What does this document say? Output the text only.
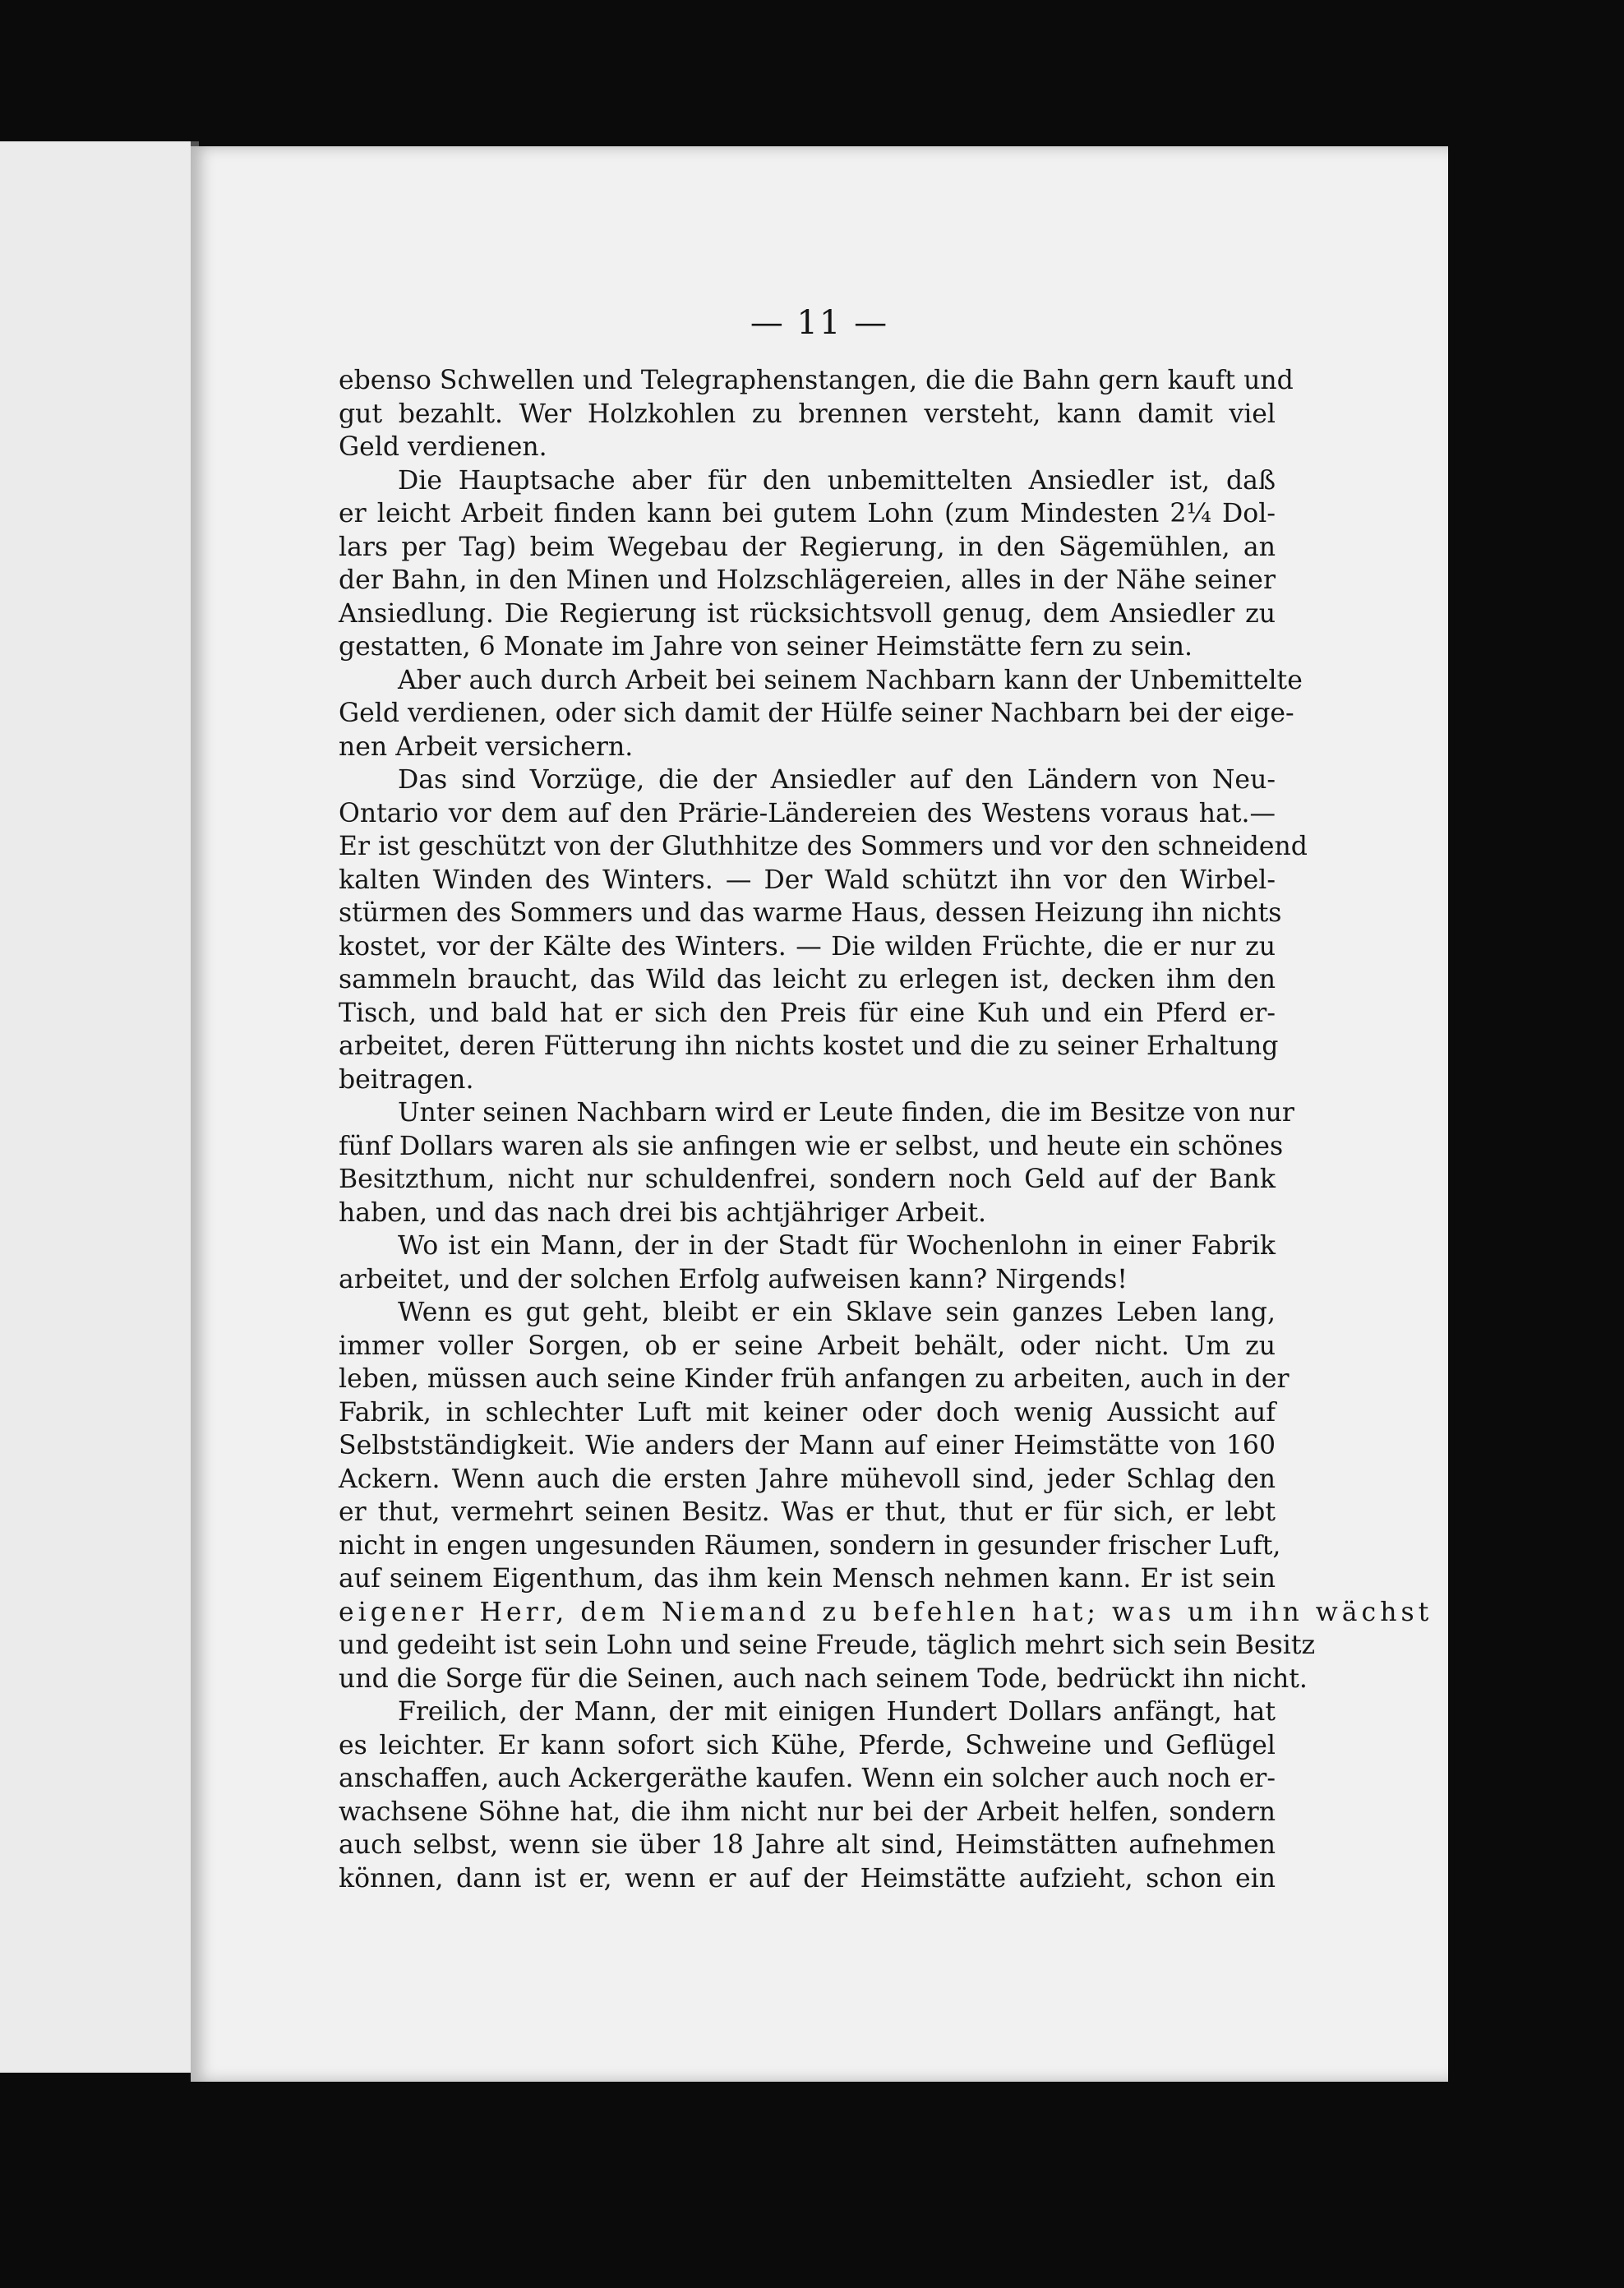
— 11 —
ebenso Schwellen und Telegraphenstangen, die die Bahn gern kauft und
gut bezahlt. Wer Holzkohlen zu brennen versteht, kann damit viel
Geld verdienen.
Die Hauptsache aber für den unbemittelten Ansiedler ist, daß
er leicht Arbeit finden kann bei gutem Lohn (zum Mindesten 2¼ Dol-
lars per Tag) beim Wegebau der Regierung, in den Sägemühlen, an
der Bahn, in den Minen und Holzschlägereien, alles in der Nähe seiner
Ansiedlung. Die Regierung ist rücksichtsvoll genug, dem Ansiedler zu
gestatten, 6 Monate im Jahre von seiner Heimstätte fern zu sein.
Aber auch durch Arbeit bei seinem Nachbarn kann der Unbemittelte
Geld verdienen, oder sich damit der Hülfe seiner Nachbarn bei der eige-
nen Arbeit versichern.
Das sind Vorzüge, die der Ansiedler auf den Ländern von Neu-
Ontario vor dem auf den Prärie-Ländereien des Westens voraus hat.—
Er ist geschützt von der Gluthhitze des Sommers und vor den schneidend
kalten Winden des Winters. — Der Wald schützt ihn vor den Wirbel-
stürmen des Sommers und das warme Haus, dessen Heizung ihn nichts
kostet, vor der Kälte des Winters. — Die wilden Früchte, die er nur zu
sammeln braucht, das Wild das leicht zu erlegen ist, decken ihm den
Tisch, und bald hat er sich den Preis für eine Kuh und ein Pferd er-
arbeitet, deren Fütterung ihn nichts kostet und die zu seiner Erhaltung
beitragen.
Unter seinen Nachbarn wird er Leute finden, die im Besitze von nur
fünf Dollars waren als sie anfingen wie er selbst, und heute ein schönes
Besitzthum, nicht nur schuldenfrei, sondern noch Geld auf der Bank
haben, und das nach drei bis achtjähriger Arbeit.
Wo ist ein Mann, der in der Stadt für Wochenlohn in einer Fabrik
arbeitet, und der solchen Erfolg aufweisen kann? Nirgends!
Wenn es gut geht, bleibt er ein Sklave sein ganzes Leben lang,
immer voller Sorgen, ob er seine Arbeit behält, oder nicht. Um zu
leben, müssen auch seine Kinder früh anfangen zu arbeiten, auch in der
Fabrik, in schlechter Luft mit keiner oder doch wenig Aussicht auf
Selbstständigkeit. Wie anders der Mann auf einer Heimstätte von 160
Ackern. Wenn auch die ersten Jahre mühevoll sind, jeder Schlag den
er thut, vermehrt seinen Besitz. Was er thut, thut er für sich, er lebt
nicht in engen ungesunden Räumen, sondern in gesunder frischer Luft,
auf seinem Eigenthum, das ihm kein Mensch nehmen kann. Er ist sein
eigener Herr, dem Niemand zu befehlen hat; was um ihn wächst
und gedeiht ist sein Lohn und seine Freude, täglich mehrt sich sein Besitz
und die Sorge für die Seinen, auch nach seinem Tode, bedrückt ihn nicht.
Freilich, der Mann, der mit einigen Hundert Dollars anfängt, hat
es leichter. Er kann sofort sich Kühe, Pferde, Schweine und Geflügel
anschaffen, auch Ackergeräthe kaufen. Wenn ein solcher auch noch er-
wachsene Söhne hat, die ihm nicht nur bei der Arbeit helfen, sondern
auch selbst, wenn sie über 18 Jahre alt sind, Heimstätten aufnehmen
können, dann ist er, wenn er auf der Heimstätte aufzieht, schon ein
